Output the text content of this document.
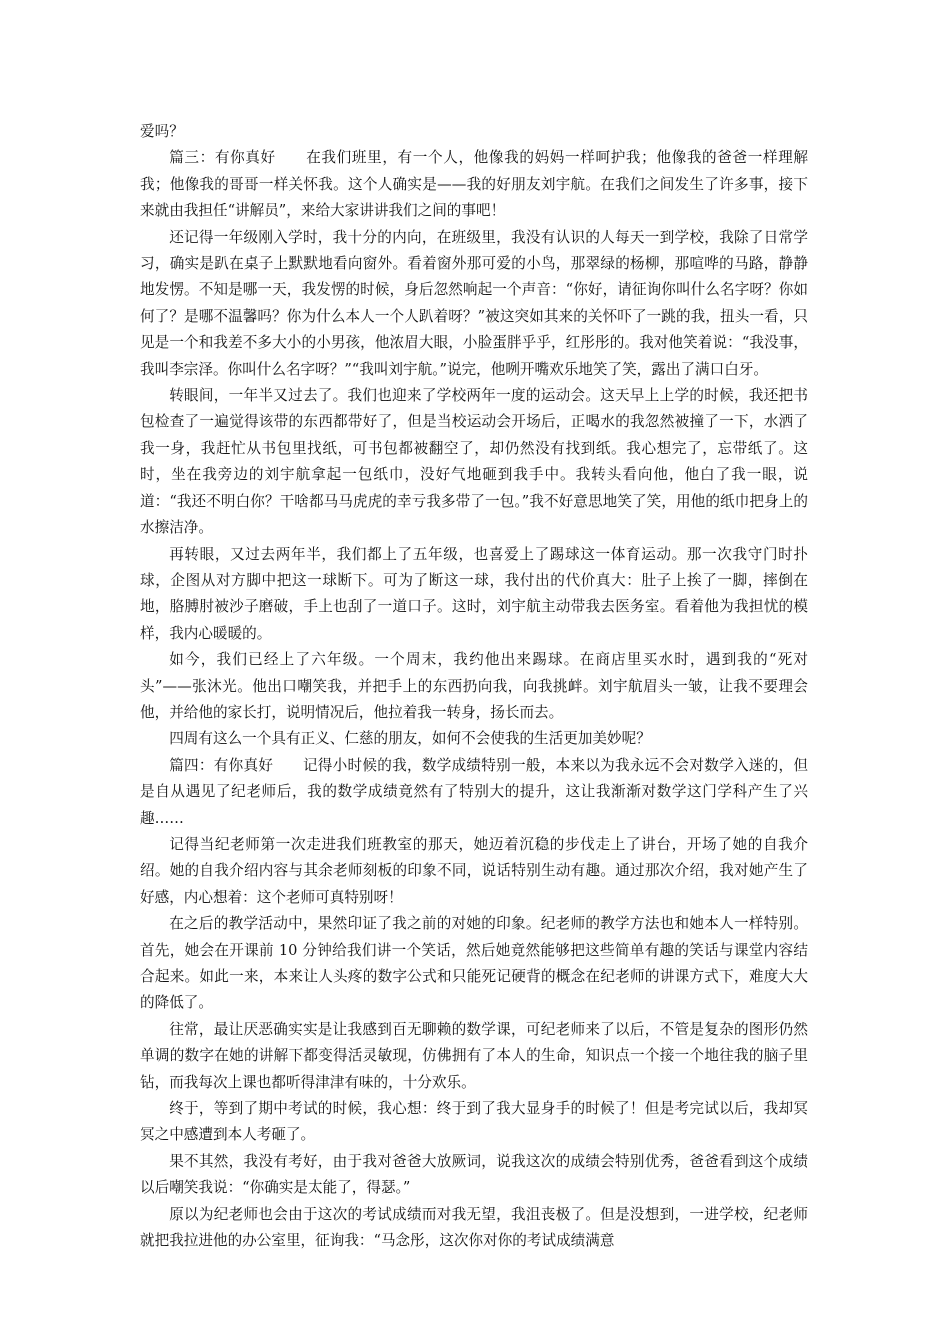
爱吗？

篇三：有你真好　　在我们班里，有一个人，他像我的妈妈一样呵护我；他像我的爸爸一样理解我；他像我的哥哥一样关怀我。这个人确实是——我的好朋友刘宇航。在我们之间发生了许多事，接下来就由我担任“讲解员”，来给大家讲讲我们之间的事吧！

还记得一年级刚入学时，我十分的内向，在班级里，我没有认识的人每天一到学校，我除了日常学习，确实是趴在桌子上默默地看向窗外。看着窗外那可爱的小鸟，那翠绿的杨柳，那喧哗的马路，静静地发愣。不知是哪一天，我发愣的时候，身后忽然响起一个声音：“你好，请征询你叫什么名字呀？你如何了？是哪不温馨吗？你为什么本人一个人趴着呀？”被这突如其来的关怀吓了一跳的我，扭头一看，只见是一个和我差不多大小的小男孩，他浓眉大眼，小脸蛋胖乎乎，红彤彤的。我对他笑着说：“我没事，我叫李宗泽。你叫什么名字呀？”“我叫刘宇航。”说完，他咧开嘴欢乐地笑了笑，露出了满口白牙。

转眼间，一年半又过去了。我们也迎来了学校两年一度的运动会。这天早上上学的时候，我还把书包检查了一遍觉得该带的东西都带好了，但是当校运动会开场后，正喝水的我忽然被撞了一下，水洒了我一身，我赶忙从书包里找纸，可书包都被翻空了，却仍然没有找到纸。我心想完了，忘带纸了。这时，坐在我旁边的刘宇航拿起一包纸巾，没好气地砸到我手中。我转头看向他，他白了我一眼，说道：“我还不明白你？干啥都马马虎虎的幸亏我多带了一包。”我不好意思地笑了笑，用他的纸巾把身上的水擦洁净。

再转眼，又过去两年半，我们都上了五年级，也喜爱上了踢球这一体育运动。那一次我守门时扑球，企图从对方脚中把这一球断下。可为了断这一球，我付出的代价真大：肚子上挨了一脚，摔倒在地，胳膊肘被沙子磨破，手上也刮了一道口子。这时，刘宇航主动带我去医务室。看着他为我担忧的模样，我内心暖暖的。

如今，我们已经上了六年级。一个周末，我约他出来踢球。在商店里买水时，遇到我的“死对头”——张沐光。他出口嘲笑我，并把手上的东西扔向我，向我挑衅。刘宇航眉头一皱，让我不要理会他，并给他的家长打，说明情况后，他拉着我一转身，扬长而去。

四周有这么一个具有正义、仁慈的朋友，如何不会使我的生活更加美妙呢？

篇四：有你真好　　记得小时候的我，数学成绩特别一般，本来以为我永远不会对数学入迷的，但是自从遇见了纪老师后，我的数学成绩竟然有了特别大的提升，这让我渐渐对数学这门学科产生了兴趣……

记得当纪老师第一次走进我们班教室的那天，她迈着沉稳的步伐走上了讲台，开场了她的自我介绍。她的自我介绍内容与其余老师刻板的印象不同，说话特别生动有趣。通过那次介绍，我对她产生了好感，内心想着：这个老师可真特别呀！

在之后的教学活动中，果然印证了我之前的对她的印象。纪老师的教学方法也和她本人一样特别。首先，她会在开课前 10 分钟给我们讲一个笑话，然后她竟然能够把这些简单有趣的笑话与课堂内容结合起来。如此一来，本来让人头疼的数字公式和只能死记硬背的概念在纪老师的讲课方式下，难度大大的降低了。

往常，最让厌恶确实实是让我感到百无聊赖的数学课，可纪老师来了以后，不管是复杂的图形仍然单调的数字在她的讲解下都变得活灵敏现，仿佛拥有了本人的生命，知识点一个接一个地往我的脑子里钻，而我每次上课也都听得津津有味的，十分欢乐。

终于，等到了期中考试的时候，我心想：终于到了我大显身手的时候了！但是考完试以后，我却冥冥之中感遭到本人考砸了。

果不其然，我没有考好，由于我对爸爸大放厥词，说我这次的成绩会特别优秀，爸爸看到这个成绩以后嘲笑我说：“你确实是太能了，得瑟。”

原以为纪老师也会由于这次的考试成绩而对我无望，我沮丧极了。但是没想到，一进学校，纪老师就把我拉进他的办公室里，征询我：“马念彤，这次你对你的考试成绩满意
